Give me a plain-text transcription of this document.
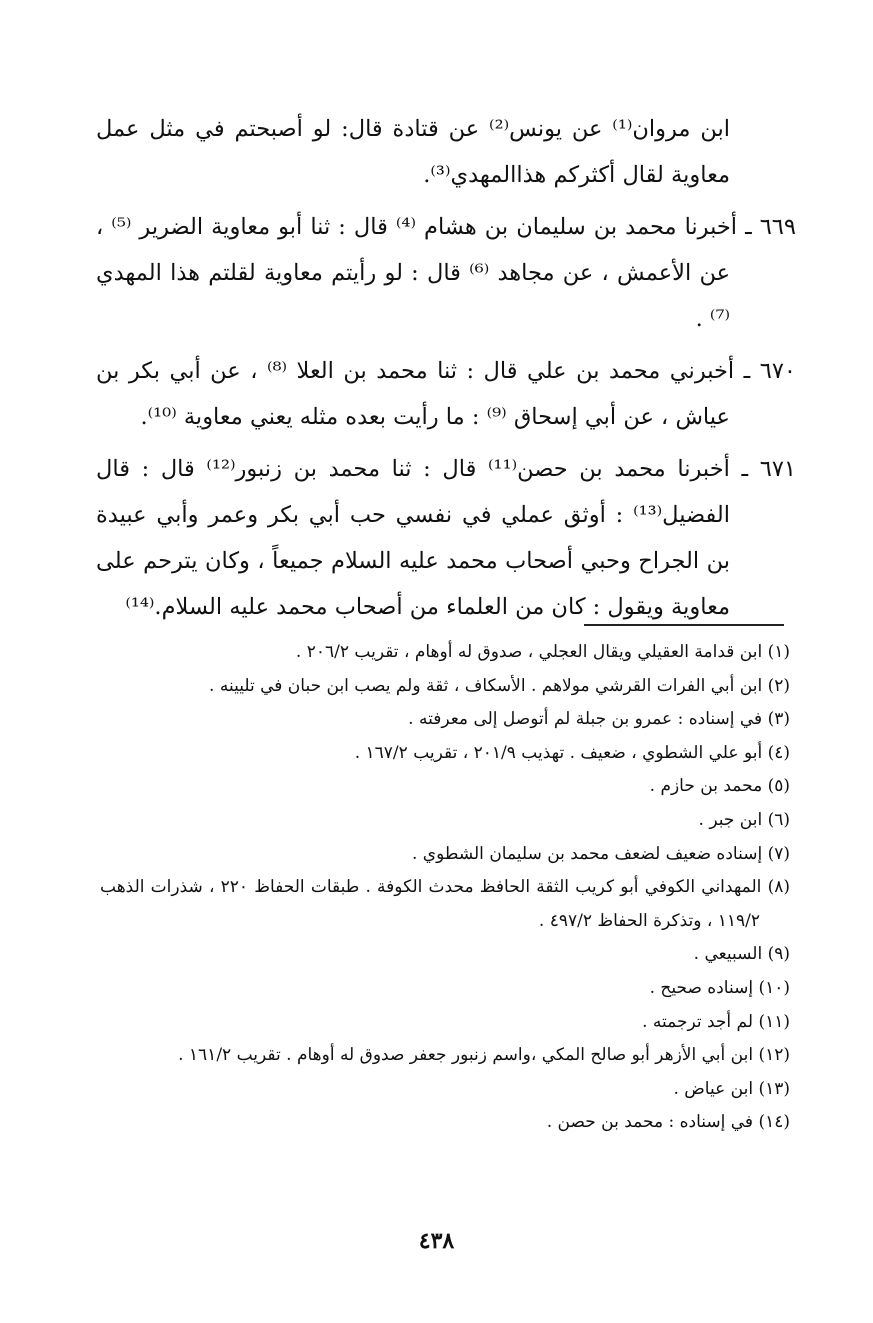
ابن مروان⁽¹⁾ عن يونس⁽²⁾ عن قتادة قال: لو أصبحتم في مثل عمل معاوية لقال أكثركم هذاالمهدي⁽³⁾.

٦٦٩ ـ أخبرنا محمد بن سليمان بن هشام ⁽⁴⁾ قال : ثنا أبو معاوية الضرير ⁽⁵⁾ ، عن الأعمش ، عن مجاهد ⁽⁶⁾ قال : لو رأيتم معاوية لقلتم هذا المهدي ⁽⁷⁾ .

٦٧٠ ـ أخبرني محمد بن علي قال : ثنا محمد بن العلا ⁽⁸⁾ ، عن أبي بكر بن عياش ، عن أبي إسحاق ⁽⁹⁾ : ما رأيت بعده مثله يعني معاوية ⁽¹⁰⁾.

٦٧١ ـ أخبرنا محمد بن حصن⁽¹¹⁾ قال : ثنا محمد بن زنبور⁽¹²⁾ قال : قال الفضيل⁽¹³⁾ : أوثق عملي في نفسي حب أبي بكر وعمر وأبي عبيدة بن الجراح وحبي أصحاب محمد عليه السلام جميعاً ، وكان يترحم على معاوية ويقول : كان من العلماء من أصحاب محمد عليه السلام.⁽¹⁴⁾

(١) ابن قدامة العقيلي ويقال العجلي ، صدوق له أوهام ، تقريب ٢٠٦/٢ .

(٢) ابن أبي الفرات القرشي مولاهم . الأسكاف ، ثقة ولم يصب ابن حبان في تليينه .

(٣) في إسناده : عمرو بن جبلة لم أتوصل إلى معرفته .

(٤) أبو علي الشطوي ، ضعيف . تهذيب ٢٠١/٩ ، تقريب ١٦٧/٢ .

(٥) محمد بن حازم .

(٦) ابن جبر .

(٧) إسناده ضعيف لضعف محمد بن سليمان الشطوي .

(٨) المهداني الكوفي أبو كريب الثقة الحافظ محدث الكوفة . طبقات الحفاظ ٢٢٠ ، شذرات الذهب ١١٩/٢ ، وتذكرة الحفاظ ٤٩٧/٢ .

(٩) السبيعي .

(١٠) إسناده صحيح .

(١١) لم أجد ترجمته .

(١٢) ابن أبي الأزهر أبو صالح المكي ،واسم زنبور جعفر صدوق له أوهام . تقريب ١٦١/٢ .

(١٣) ابن عياض .

(١٤) في إسناده : محمد بن حصن .

٤٣٨
